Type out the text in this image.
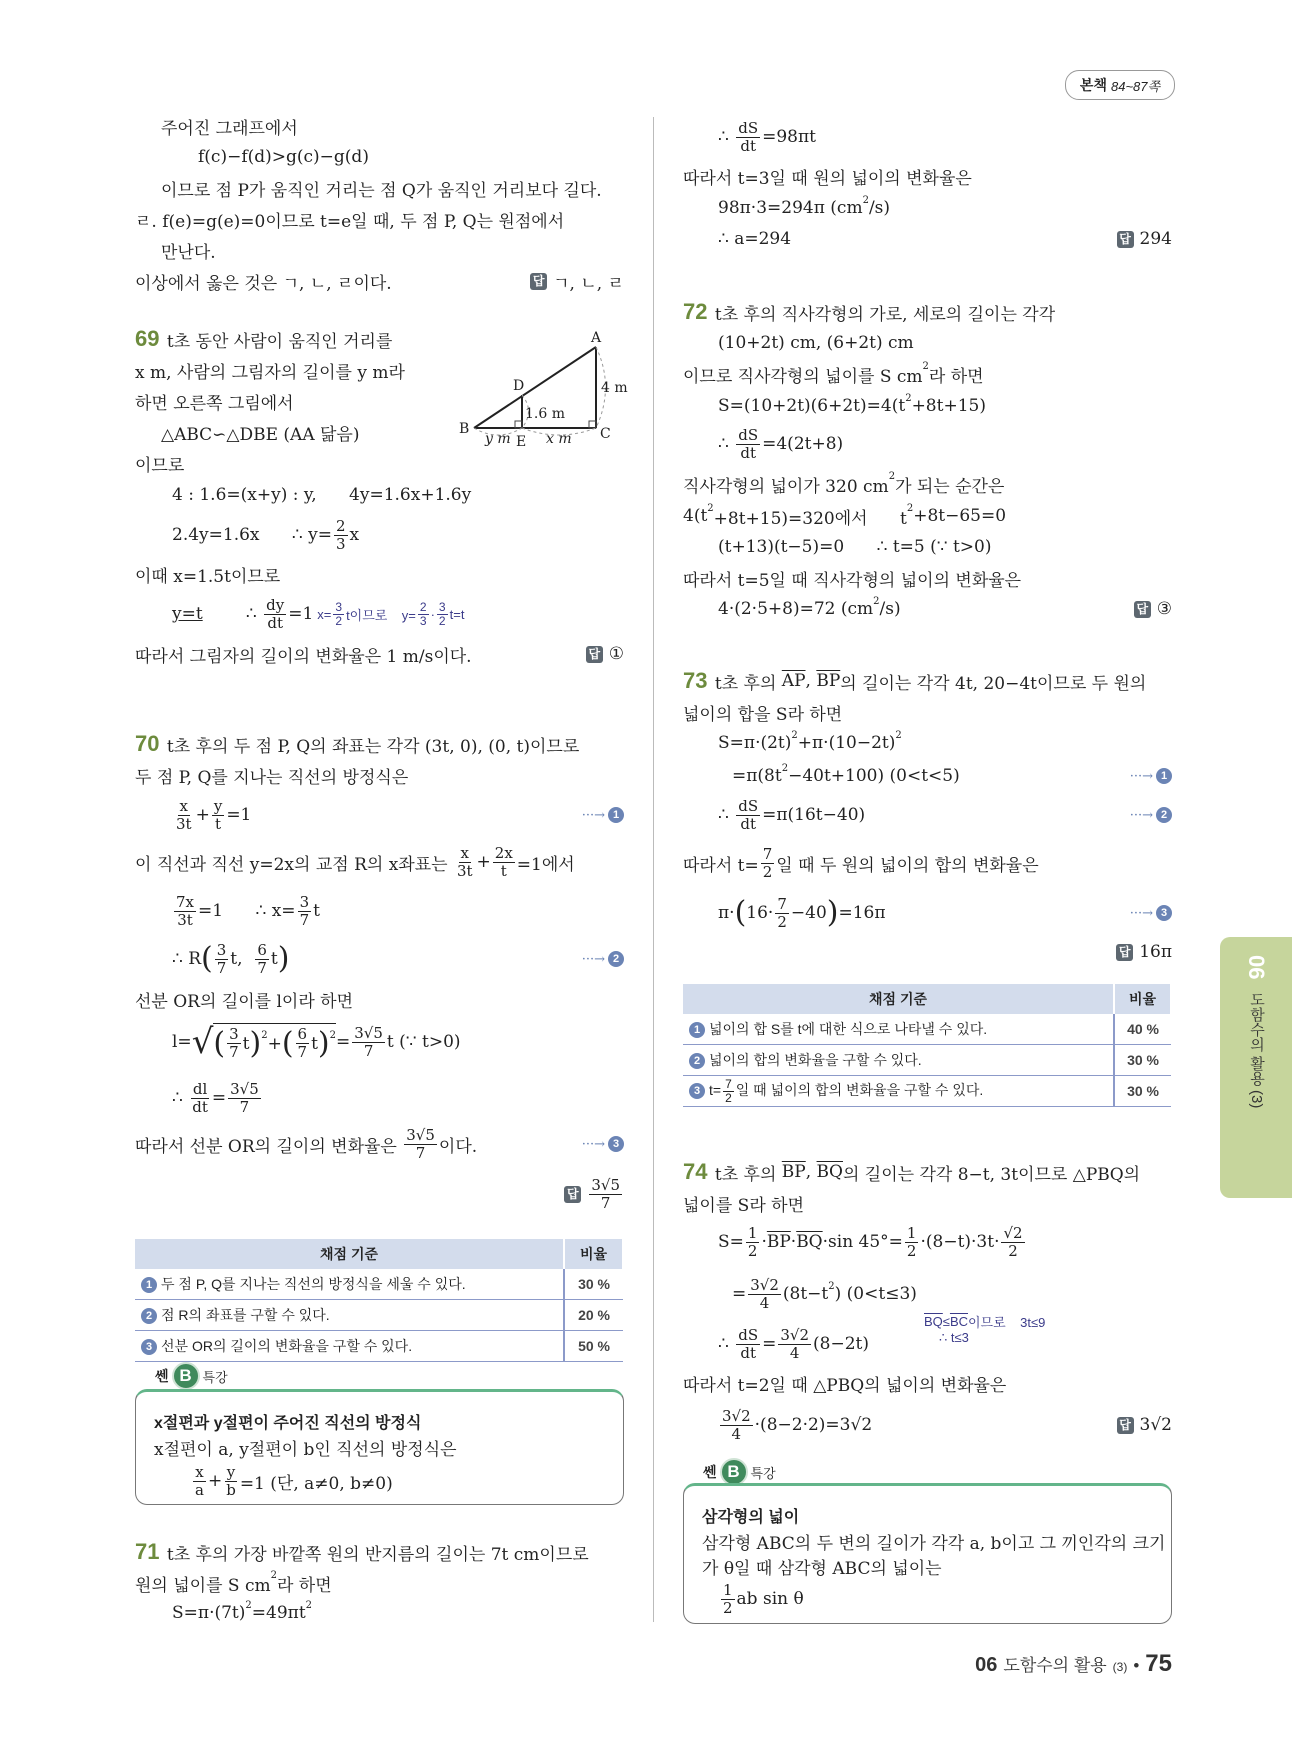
본책 84~87쪽
주어진 그래프에서
f(c)−f(d)>g(c)−g(d)
이므로 점 P가 움직인 거리는 점 Q가 움직인 거리보다 길다.
ㄹ. f(e)=g(e)=0이므로 t=e일 때, 두 점 P, Q는 원점에서
만난다.
이상에서 옳은 것은 ㄱ, ㄴ, ㄹ이다.	답 ㄱ, ㄴ, ㄹ
69 t초 동안 사람이 움직인 거리를
x m, 사람의 그림자의 길이를 y m라
하면 오른쪽 그림에서
△ABC∽△DBE (AA 닮음)
이므로
4 : 1.6=(x+y) : y,      4y=1.6x+1.6y
2.4y=1.6x      ∴ $y= \frac{2}{3}$ x
이때 x=1.5t이므로
y=t ∴ $\frac{dy}{dt} =1$ $x= \frac{3}{2}$ t이므로    $y= \frac{2}{3} \cdot \frac{3}{2} t=t$
따라서 그림자의 길이의 변화율은 1 m/s이다.	답 ①
A
B	C
D
E
4 m
1.6 m
y m	x m
70 t초 후의 두 점 P, Q의 좌표는 각각 (3t, 0), (0, t)이므로
두 점 P, Q를 지나는 직선의 방정식은
$\frac{x}{3t} + \frac{y}{t} =1$	···→ 1
이 직선과 직선 y=2x의 교점 R의 x좌표는 $\frac{x}{3t} + \frac{2x}{t} =1$에서
$\frac{7x}{3t} =1$      ∴ $x= \frac{3}{7}$ t
∴ R ( $\frac{3}{7} t$, $\frac{6}{7}$ t )	···→ 2
선분 OR의 길이를 l이라 하면
l= √ ( $\frac{3}{7}$ t ) 2 + ( $\frac{6}{7}$ t ) $2 = \frac{3√5}{7}$ t (∵ t>0)
∴ $\frac{dl}{dt} = \frac{3√5}{7}$
따라서 선분 OR의 길이의 변화율은 $\frac{3√5}{7}$ 이다.	···→ 3
답 $\frac{3√5}{7}$
채점 기준	비율
1 두 점 P, Q를 지나는 직선의 방정식을 세울 수 있다.	30 %
2 점 R의 좌표를 구할 수 있다.	20 %
3 선분 OR의 길이의 변화율을 구할 수 있다.	50 %
쎈 B 특강
x절편과 y절편이 주어진 직선의 방정식
x절편이 a, y절편이 b인 직선의 방정식은
$\frac{x}{a} + \frac{y}{b} =1$ (단, a≠0, b≠0)
71 t초 후의 가장 바깥쪽 원의 반지름의 길이는 7t cm이므로
원의 넓이를 S cm
2
라 하면
S=π·(7t) 2 =49πt 2
∴ $\frac{dS}{dt} =98\pi t$
따라서 t=3일 때 원의 넓이의 변화율은
98π·3=294π (cm 2 /s)
∴ a=294	답 294
72 t초 후의 직사각형의 가로, 세로의 길이는 각각
(10+2t) cm, (6+2t) cm
이므로 직사각형의 넓이를 S cm
2
라 하면
S=(10+2t)(6+2t)=4(t 2 +8t+15)
∴ $\frac{dS}{dt} =4(2t+8)$
직사각형의 넓이가 320 cm
2
가 되는 순간은
4(t 2
+8t+15)=320에서      t
2 +8t−65=0
(t+13)(t−5)=0      ∴ t=5 (∵ t>0)
따라서 t=5일 때 직사각형의 넓이의 변화율은
4·(2·5+8)=72 (cm 2 /s)	답 ③
73 t초 후의 $\overline{AP}$ , $\overline{BP}$ 의 길이는 각각 4t, 20−4t이므로 두 원의
넓이의 합을 S라 하면
S=π·(2t) 2 +π·(10−2t) 2
=π(8t 2 −40t+100) (0<t<5)	···→ 1
∴ $\frac{dS}{dt} =\pi(16t-40)$	···→ 2
따라서 $t= \frac{7}{2}$ 일 때 두 원의 넓이의 합의 변화율은
π· ( $16\cdot \frac{7}{2} -40$ ) =16π	···→ 3
답 16π
채점 기준	비율
1 넓이의 합 S를 t에 대한 식으로 나타낼 수 있다.	40 %
2 넓이의 합의 변화율을 구할 수 있다.	30 %
3 $t= \frac{7}{2}$ 일 때 넓이의 합의 변화율을 구할 수 있다.	30 %
74 t초 후의 $\overline{BP}$ , $\overline{BQ}$ 의 길이는 각각 8−t, 3t이므로 △PBQ의
넓이를 S라 하면
$S= \frac{1}{2} \cdot \overline{BP} \cdot \overline{BQ} \cdot\sin$ $45^\circ= \frac{1}{2} \cdot(8-t)\cdot 3t\cdot \frac{√2}{2}$
= $\frac{3√2}{4} (8t-t$ 2 ) (0<t≤3)
$\overline{BQ} \le \overline{BC}$ 이므로    3t≤9
∴ t≤3
∴ $\frac{dS}{dt} = \frac{3√2}{4} (8-2t)$
따라서 t=2일 때 △PBQ의 넓이의 변화율은
$\frac{3√2}{4} \cdot(8-2\cdot 2)=3√2$	답 3√2
쎈 B 특강
삼각형의 넓이
삼각형 ABC의 두 변의 길이가 각각 a, b이고 그 끼인각의 크기
가 θ일 때 삼각형 ABC의 넓이는
$\frac{1}{2}$ ab sin θ
06 도함수의 활용 (3)
06 도함수의 활용 (3) • 75
